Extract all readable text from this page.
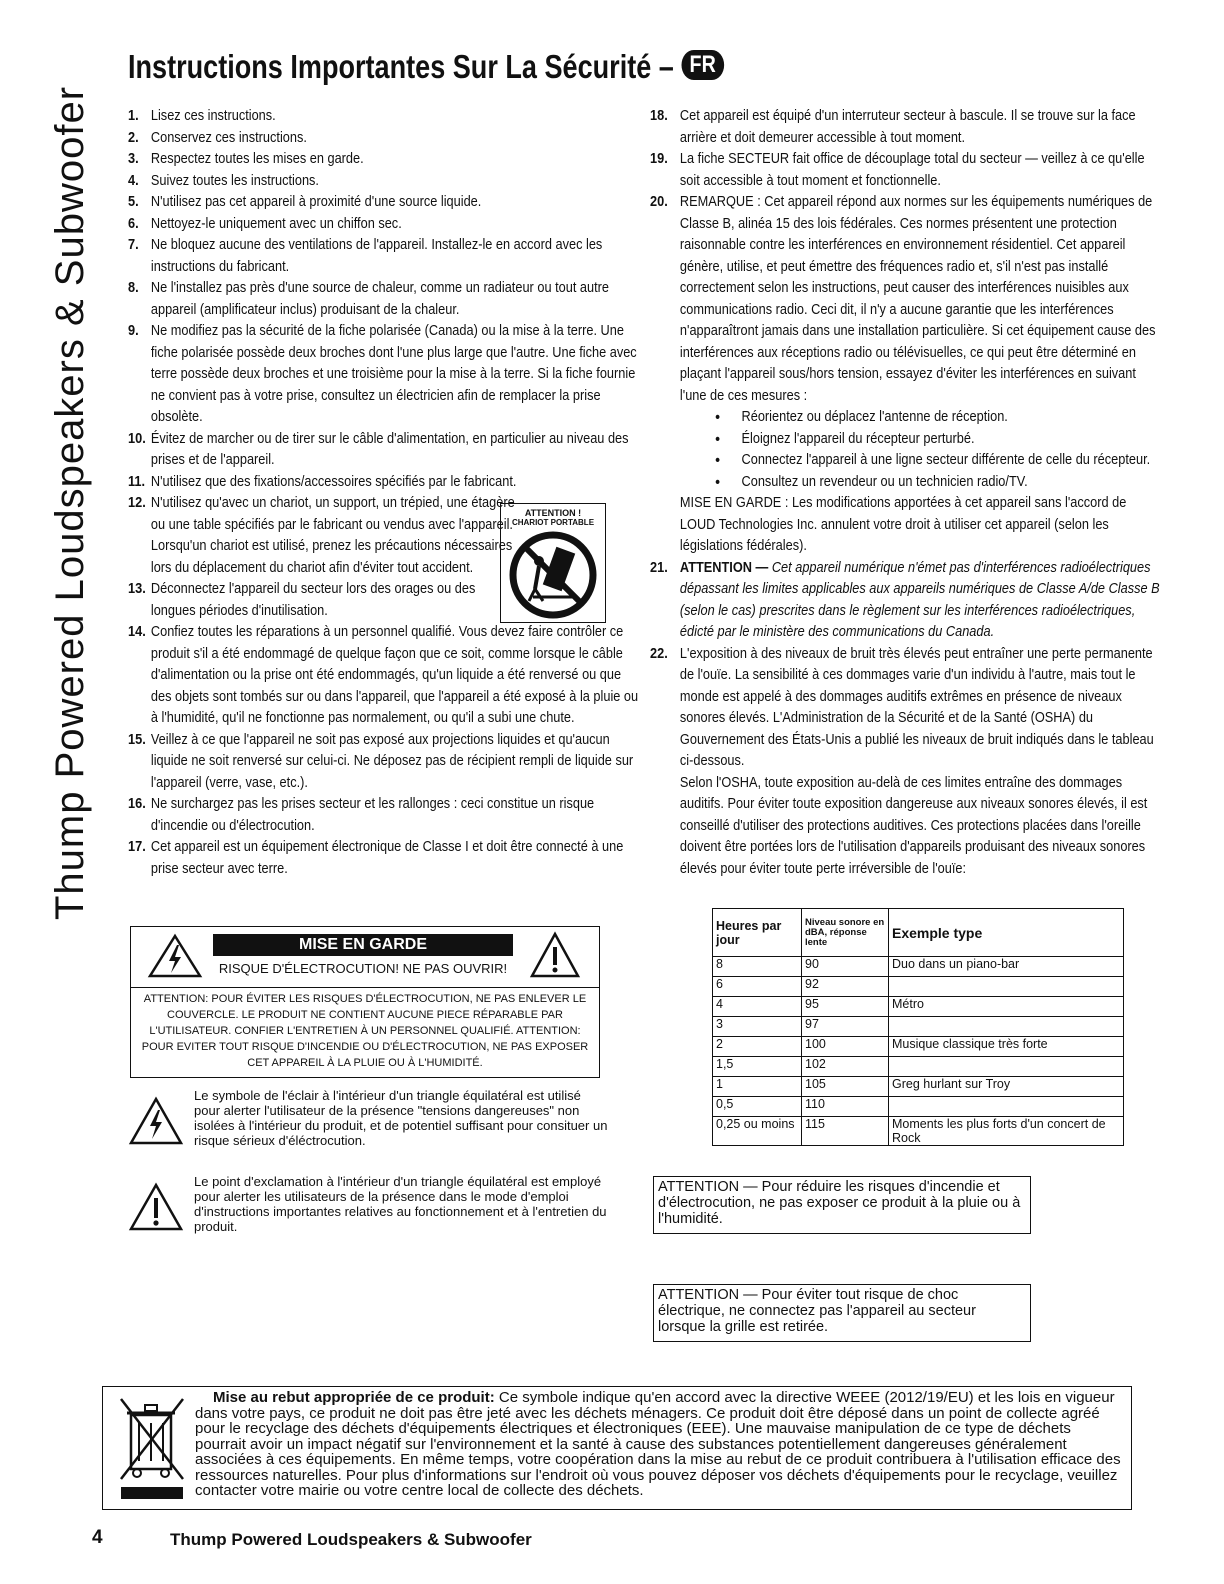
Thump Powered Loudspeakers & Subwoofer
Instructions Importantes Sur La Sécurité – FR
1. Lisez ces instructions.
2. Conservez ces instructions.
3. Respectez toutes les mises en garde.
4. Suivez toutes les instructions.
5. N'utilisez pas cet appareil à proximité d'une source liquide.
6. Nettoyez-le uniquement avec un chiffon sec.
7. Ne bloquez aucune des ventilations de l'appareil. Installez-le en accord avec les instructions du fabricant.
8. Ne l'installez pas près d'une source de chaleur, comme un radiateur ou tout autre appareil (amplificateur inclus) produisant de la chaleur.
9. Ne modifiez pas la sécurité de la fiche polarisée (Canada) ou la mise à la terre. Une fiche polarisée possède deux broches dont l'une plus large que l'autre. Une fiche avec terre possède deux broches et une troisième pour la mise à la terre. Si la fiche fournie ne convient pas à votre prise, consultez un électricien afin de remplacer la prise obsolète.
10. Évitez de marcher ou de tirer sur le câble d'alimentation, en particulier au niveau des prises et de l'appareil.
11. N'utilisez que des fixations/accessoires spécifiés par le fabricant.
12. N'utilisez qu'avec un chariot, un support, un trépied, une étagère ou une table spécifiés par le fabricant ou vendus avec l'appareil. Lorsqu'un chariot est utilisé, prenez les précautions nécessaires lors du déplacement du chariot afin d'éviter tout accident.
13. Déconnectez l'appareil du secteur lors des orages ou des longues périodes d'inutilisation.
14. Confiez toutes les réparations à un personnel qualifié. Vous devez faire contrôler ce produit s'il a été endommagé de quelque façon que ce soit, comme lorsque le câble d'alimentation ou la prise ont été endommagés, qu'un liquide a été renversé ou que des objets sont tombés sur ou dans l'appareil, que l'appareil a été exposé à la pluie ou à l'humidité, qu'il ne fonctionne pas normalement, ou qu'il a subi une chute.
15. Veillez à ce que l'appareil ne soit pas exposé aux projections liquides et qu'aucun liquide ne soit renversé sur celui-ci. Ne déposez pas de récipient rempli de liquide sur l'appareil (verre, vase, etc.).
16. Ne surchargez pas les prises secteur et les rallonges : ceci constitue un risque d'incendie ou d'électrocution.
17. Cet appareil est un équipement électronique de Classe I et doit être connecté à une prise secteur avec terre.
ATTENTION !
CHARIOT PORTABLE
18. Cet appareil est équipé d'un interruteur secteur à bascule. Il se trouve sur la face arrière et doit demeurer accessible à tout moment.
19. La fiche SECTEUR fait office de découplage total du secteur — veillez à ce qu'elle soit accessible à tout moment et fonctionnelle.
20. REMARQUE : Cet appareil répond aux normes sur les équipements numériques de Classe B, alinéa 15 des lois fédérales. Ces normes présentent une protection raisonnable contre les interférences en environnement résidentiel. Cet appareil génère, utilise, et peut émettre des fréquences radio et, s'il n'est pas installé correctement selon les instructions, peut causer des interférences nuisibles aux communications radio. Ceci dit, il n'y a aucune garantie que les interférences n'apparaîtront jamais dans une installation particulière. Si cet équipement cause des interférences aux réceptions radio ou télévisuelles, ce qui peut être déterminé en plaçant l'appareil sous/hors tension, essayez d'éviter les interférences en suivant l'une de ces mesures :
• Réorientez ou déplacez l'antenne de réception.
• Éloignez l'appareil du récepteur perturbé.
• Connectez l'appareil à une ligne secteur différente de celle du récepteur.
• Consultez un revendeur ou un technicien radio/TV.
MISE EN GARDE : Les modifications apportées à cet appareil sans l'accord de LOUD Technologies Inc. annulent votre droit à utiliser cet appareil (selon les législations fédérales).
21. ATTENTION — Cet appareil numérique n'émet pas d'interférences radioélectriques dépassant les limites applicables aux appareils numériques de Classe A/de Classe B (selon le cas) prescrites dans le règlement sur les interférences radioélectriques, édicté par le ministère des communications du Canada.
22. L'exposition à des niveaux de bruit très élevés peut entraîner une perte permanente de l'ouïe. La sensibilité à ces dommages varie d'un individu à l'autre, mais tout le monde est appelé à des dommages auditifs extrêmes en présence de niveaux sonores élevés. L'Administration de la Sécurité et de la Santé (OSHA) du Gouvernement des États-Unis a publié les niveaux de bruit indiqués dans le tableau ci-dessous.
Selon l'OSHA, toute exposition au-delà de ces limites entraîne des dommages auditifs. Pour éviter toute exposition dangereuse aux niveaux sonores élevés, il est conseillé d'utiliser des protections auditives. Ces protections placées dans l'oreille doivent être portées lors de l'utilisation d'appareils produisant des niveaux sonores élevés pour éviter toute perte irréversible de l'ouïe:
MISE EN GARDE
RISQUE D'ÉLECTROCUTION! NE PAS OUVRIR!
ATTENTION: POUR ÉVITER LES RISQUES D'ÉLECTROCUTION, NE PAS ENLEVER LE COUVERCLE. LE PRODUIT NE CONTIENT AUCUNE PIECE RÉPARABLE PAR L'UTILISATEUR. CONFIER L'ENTRETIEN À UN PERSONNEL QUALIFIÉ. ATTENTION: POUR EVITER TOUT RISQUE D'INCENDIE OU D'ÉLECTROCUTION, NE PAS EXPOSER CET APPAREIL À LA PLUIE OU À L'HUMIDITÉ.
Le symbole de l'éclair à l'intérieur d'un triangle équilatéral est utilisé pour alerter l'utilisateur de la présence "tensions dangereuses" non isolées à l'intérieur du produit, et de potentiel suffisant pour consituer un risque sérieux d'éléctrocution.
Le point d'exclamation à l'intérieur d'un triangle équilatéral est employé pour alerter les utilisateurs de la présence dans le mode d'emploi d'instructions importantes relatives au fonctionnement et à l'entretien du produit.
Heures par jour	Niveau sonore en dBA, réponse lente	Exemple type
8	90	Duo dans un piano-bar
6	92	
4	95	Métro
3	97	
2	100	Musique classique très forte
1,5	102	
1	105	Greg hurlant sur Troy
0,5	110	
0,25 ou moins	115	Moments les plus forts d'un concert de Rock
ATTENTION — Pour réduire les risques d'incendie et d'électrocution, ne pas exposer ce produit à la pluie ou à l'humidité.
ATTENTION — Pour éviter tout risque de choc électrique, ne connectez pas l'appareil au secteur lorsque la grille est retirée.
Mise au rebut appropriée de ce produit: Ce symbole indique qu'en accord avec la directive WEEE (2012/19/EU) et les lois en vigueur dans votre pays, ce produit ne doit pas être jeté avec les déchets ménagers. Ce produit doit être déposé dans un point de collecte agréé pour le recyclage des déchets d'équipements électriques et électroniques (EEE). Une mauvaise manipulation de ce type de déchets pourrait avoir un impact négatif sur l'environnement et la santé à cause des substances potentiellement dangereuses généralement associées à ces équipements. En même temps, votre coopération dans la mise au rebut de ce produit contribuera à l'utilisation efficace des ressources naturelles. Pour plus d'informations sur l'endroit où vous pouvez déposer vos déchets d'équipements pour le recyclage, veuillez contacter votre mairie ou votre centre local de collecte des déchets.
4	Thump Powered Loudspeakers & Subwoofer
